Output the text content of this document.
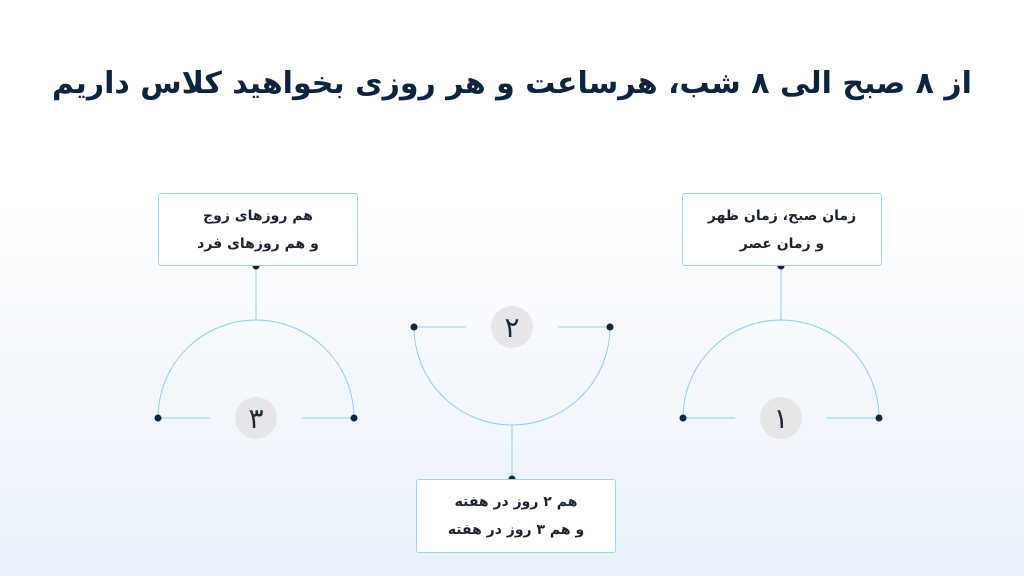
از ۸ صبح الی ۸ شب، هرساعت و هر روزی بخواهید کلاس داریم
زمان صبح، زمان ظهر
و زمان عصر
۱
هم ۲ روز در هفته
و هم ۳ روز در هفته
۲
هم روزهای زوج
و هم روزهای فرد
۳
